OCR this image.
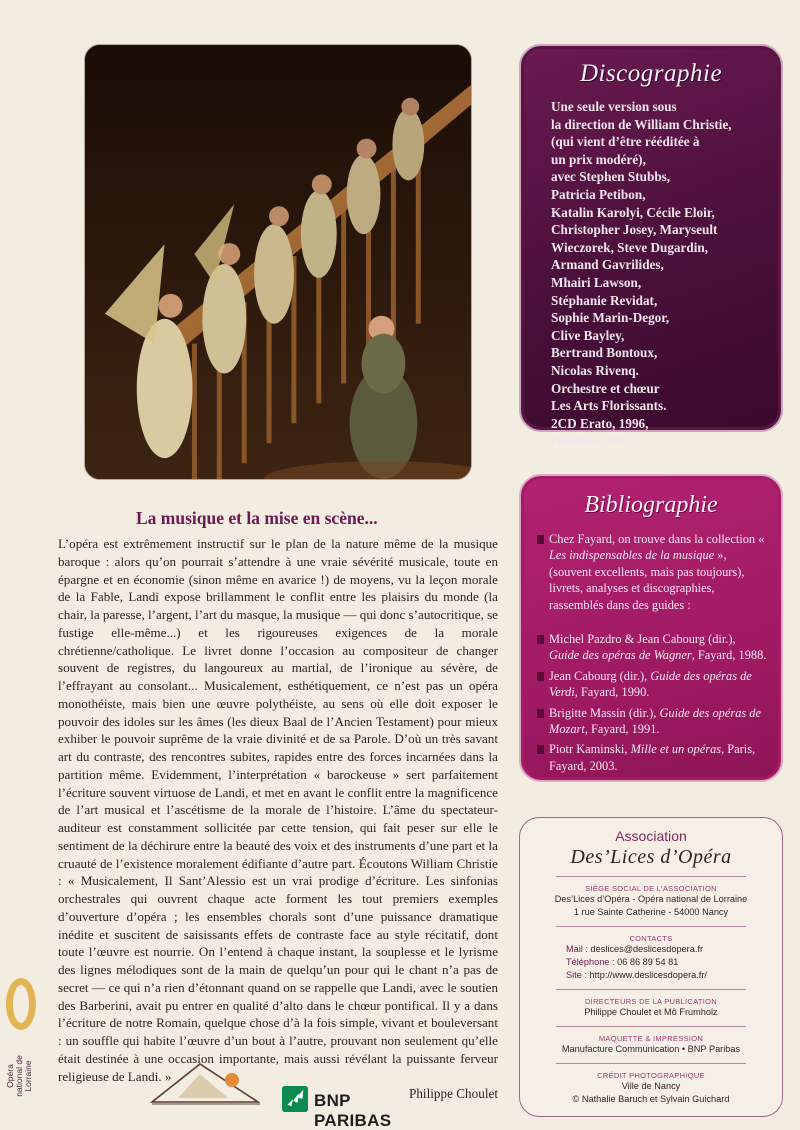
Discographie
Une seule version sous
la direction de William Christie,
(qui vient d’être rééditée à
un prix modéré),
avec Stephen Stubbs,
Patricia Petibon,
Katalin Karolyi, Cécile Eloir,
Christopher Josey, Maryseult
Wieczorek, Steve Dugardin,
Armand Gavrilides,
Mhairi Lawson,
Stéphanie Revidat,
Sophie Marin-Degor,
Clive Bayley,
Bertrand Bontoux,
Nicolas Rivenq.
Orchestre et chœur
Les Arts Florissants.
2CD Erato, 1996,
réédition 2007.
Bibliographie
Chez Fayard, on trouve dans la collection « Les indispensables de la musique », (souvent excellents, mais pas toujours), livrets, analyses et discographies, rassemblés dans des guides :
Michel Pazdro & Jean Cabourg (dir.), Guide des opéras de Wagner, Fayard, 1988.
Jean Cabourg (dir.), Guide des opéras de Verdi, Fayard, 1990.
Brigitte Massin (dir.), Guide des opéras de Mozart, Fayard, 1991.
Piotr Kaminski, Mille et un opéras, Paris, Fayard, 2003.
La musique et la mise en scène...

L’opéra est extrêmement instructif sur le plan de la nature même de la musique baroque : alors qu’on pourrait s’attendre à une vraie sévérité musicale, toute en épargne et en économie (sinon même en avarice !) de moyens, vu la leçon morale de la Fable, Landi expose brillamment le conflit entre les plaisirs du monde (la chair, la paresse, l’argent, l’art du masque, la musique — qui donc s’autocritique, se fustige elle-même...) et les rigoureuses exigences de la morale chrétienne/catholique. Le livret donne l’occasion au compositeur de changer souvent de registres, du langoureux au martial, de l’ironique au sévère, de l’effrayant au consolant... Musicalement, esthétiquement, ce n’est pas un opéra monothéiste, mais bien une œuvre polythéiste, au sens où elle doit exposer le pouvoir des idoles sur les âmes (les dieux Baal de l’Ancien Testament) pour mieux exhiber le pouvoir suprême de la vraie divinité et de sa Parole. D’où un très savant art du contraste, des rencontres subites, rapides entre des forces incarnées dans la partition même. Evidemment, l’interprétation « barockeuse » sert parfaitement l’écriture souvent virtuose de Landi, et met en avant le conflit entre la magnificence de l’art musical et l’ascétisme de la morale de l’histoire. L’âme du spectateur-auditeur est constamment sollicitée par cette tension, qui fait peser sur elle le sentiment de la déchirure entre la beauté des voix et des instruments d’une part et la cruauté de l’existence moralement édifiante d’autre part. Écoutons William Christie : « Musicalement, Il Sant’Alessio est un vrai prodige d’écriture. Les sinfonias orchestrales qui ouvrent chaque acte forment les tout premiers exemples d’ouverture d’opéra ; les ensembles chorals sont d’une puissance dramatique inédite et suscitent de saisissants effets de contraste face au style récitatif, dont toute l’œuvre est nourrie. On l’entend à chaque instant, la souplesse et le lyrisme des lignes mélodiques sont de la main de quelqu’un pour qui le chant n’a pas de secret — ce qui n’a rien d’étonnant quand on se rappelle que Landi, avec le soutien des Barberini, avait pu entrer en qualité d’alto dans le chœur pontifical. Il y a dans l’écriture de notre Romain, quelque chose d’à la fois simple, vivant et bouleversant : un souffle qui habite l’œuvre d’un bout à l’autre, prouvant non seulement qu’elle était destinée à une occasion importante, mais aussi révélant la puissante ferveur religieuse de Landi. »

Philippe Choulet
Association
Des’Lices d’Opéra
SIÈGE SOCIAL DE L’ASSOCIATION
Des’Lices d’Opéra - Opéra national de Lorraine
1 rue Sainte Catherine - 54000 Nancy
CONTACTS
Mail : deslices@deslicesdopera.fr
Téléphone : 06 86 89 54 81
Site : http://www.deslicesdopera.fr/
DIRECTEURS DE LA PUBLICATION
Philippe Choulet et Mô Frumholz
MAQUETTE & IMPRESSION
Manufacture Communication • BNP Paribas
CRÉDIT PHOTOGRAPHIQUE
Ville de Nancy
© Nathalie Baruch et Sylvain Guichard
Opéra national de Lorraine
BNP PARIBAS
